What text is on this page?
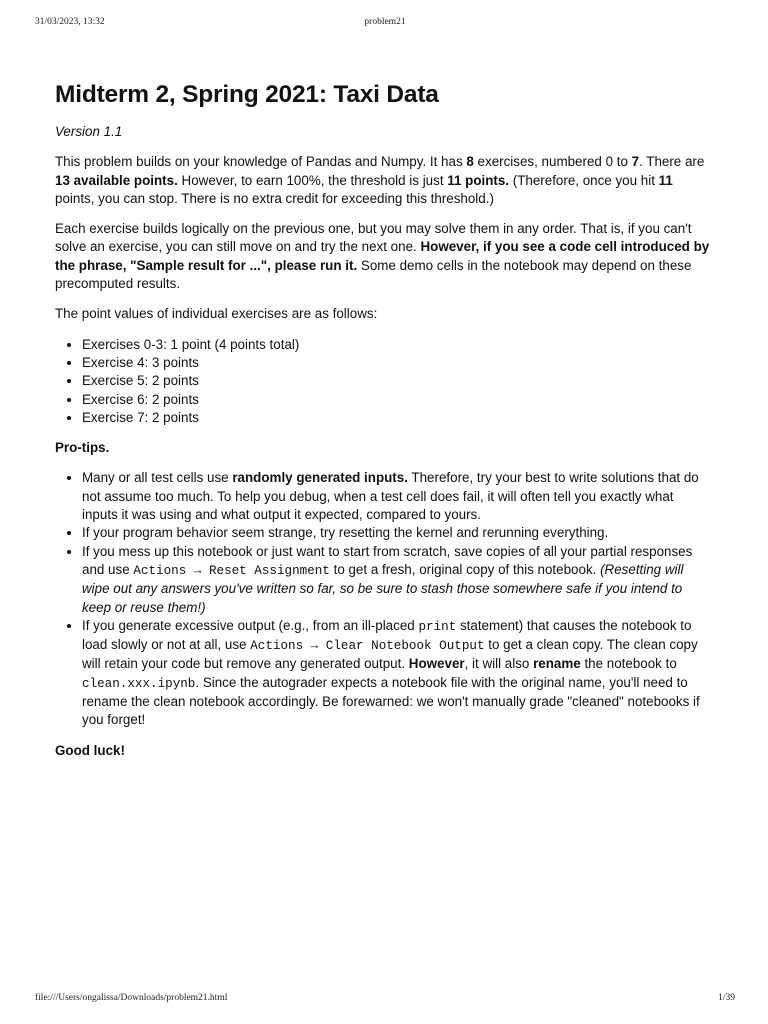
31/03/2023, 13:32	problem21
Midterm 2, Spring 2021: Taxi Data

Version 1.1

This problem builds on your knowledge of Pandas and Numpy. It has 8 exercises, numbered 0 to 7. There are 13 available points. However, to earn 100%, the threshold is just 11 points. (Therefore, once you hit 11 points, you can stop. There is no extra credit for exceeding this threshold.)

Each exercise builds logically on the previous one, but you may solve them in any order. That is, if you can't solve an exercise, you can still move on and try the next one. However, if you see a code cell introduced by the phrase, "Sample result for ...", please run it. Some demo cells in the notebook may depend on these precomputed results.

The point values of individual exercises are as follows:

• Exercises 0-3: 1 point (4 points total)
• Exercise 4: 3 points
• Exercise 5: 2 points
• Exercise 6: 2 points
• Exercise 7: 2 points

Pro-tips.

• Many or all test cells use randomly generated inputs. Therefore, try your best to write solutions that do not assume too much. To help you debug, when a test cell does fail, it will often tell you exactly what inputs it was using and what output it expected, compared to yours.
• If your program behavior seem strange, try resetting the kernel and rerunning everything.
• If you mess up this notebook or just want to start from scratch, save copies of all your partial responses and use Actions → Reset Assignment to get a fresh, original copy of this notebook. (Resetting will wipe out any answers you've written so far, so be sure to stash those somewhere safe if you intend to keep or reuse them!)
• If you generate excessive output (e.g., from an ill-placed print statement) that causes the notebook to load slowly or not at all, use Actions → Clear Notebook Output to get a clean copy. The clean copy will retain your code but remove any generated output. However, it will also rename the notebook to clean.xxx.ipynb. Since the autograder expects a notebook file with the original name, you'll need to rename the clean notebook accordingly. Be forewarned: we won't manually grade "cleaned" notebooks if you forget!

Good luck!

file:///Users/ongalissa/Downloads/problem21.html	1/39
